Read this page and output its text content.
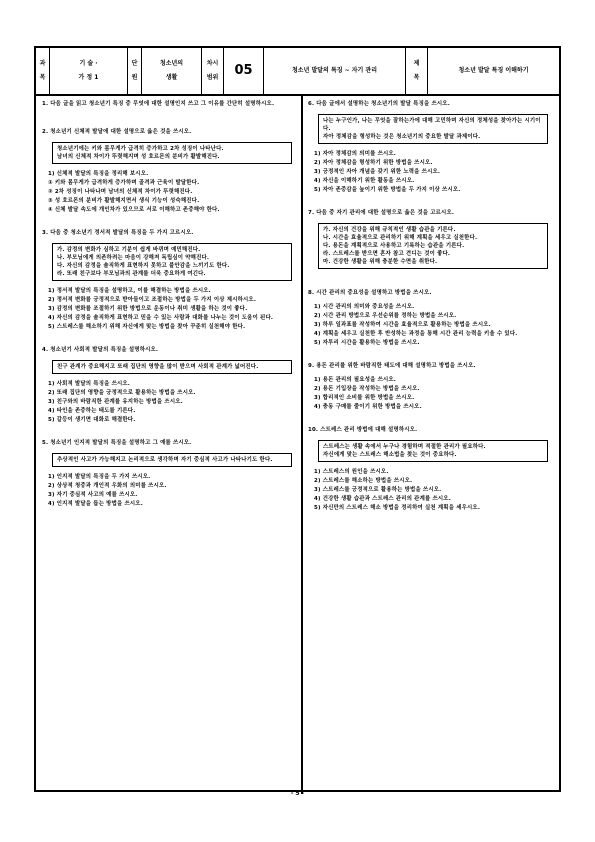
과
목
기 술 ·
가 정 1
단
원
청소년의
생활
차시
범위 05	청소년 발달의 특징 ~ 자기 관리
제
목
청소년 발달 특징 이해하기
1. 다음 글을 읽고 청소년기 특징 중 무엇에 대한 설명인지 쓰고 그 이유를 간단히 설명하시오.
2. 청소년기 신체적 발달에 대한 설명으로 옳은 것을 쓰시오.
청소년기에는 키와 몸무게가 급격히 증가하고 2차 성징이 나타난다.
남녀의 신체적 차이가 뚜렷해지며 성 호르몬의 분비가 활발해진다.
1) 신체적 발달의 특징을 정리해 보시오.
① 키와 몸무게가 급격하게 증가하며 골격과 근육이 발달한다.
② 2차 성징이 나타나며 남녀의 신체적 차이가 뚜렷해진다.
③ 성 호르몬의 분비가 활발해지면서 생식 기능이 성숙해진다.
④ 신체 발달 속도에 개인차가 있으므로 서로 이해하고 존중해야 한다.
3. 다음 중 청소년기 정서적 발달의 특징을 두 가지 고르시오.
가. 감정의 변화가 심하고 기분이 쉽게 바뀌며 예민해진다.
나. 부모님에게 의존하려는 마음이 강해져 독립심이 약해진다.
다. 자신의 감정을 솔직하게 표현하지 못하고 불안감을 느끼기도 한다.
라. 또래 친구보다 부모님과의 관계를 더욱 중요하게 여긴다.
1) 정서적 발달의 특징을 설명하고, 이를 해결하는 방법을 쓰시오.
2) 정서적 변화를 긍정적으로 받아들이고 조절하는 방법을 두 가지 이상 제시하시오.
3) 감정의 변화를 조절하기 위한 방법으로 운동이나 취미 생활을 하는 것이 좋다.
4) 자신의 감정을 솔직하게 표현하고 믿을 수 있는 사람과 대화를 나누는 것이 도움이 된다.
5) 스트레스를 해소하기 위해 자신에게 맞는 방법을 찾아 꾸준히 실천해야 한다.
4. 청소년기 사회적 발달의 특징을 설명하시오.
친구 관계가 중요해지고 또래 집단의 영향을 많이 받으며 사회적 관계가 넓어진다.
1) 사회적 발달의 특징을 쓰시오.
2) 또래 집단의 영향을 긍정적으로 활용하는 방법을 쓰시오.
3) 친구와의 바람직한 관계를 유지하는 방법을 쓰시오.
4) 타인을 존중하는 태도를 기른다.
5) 갈등이 생기면 대화로 해결한다.
5. 청소년기 인지적 발달의 특징을 설명하고 그 예를 쓰시오.
추상적인 사고가 가능해지고 논리적으로 생각하며 자기 중심적 사고가 나타나기도 한다.
1) 인지적 발달의 특징을 두 가지 쓰시오.
2) 상상적 청중과 개인적 우화의 의미를 쓰시오.
3) 자기 중심적 사고의 예를 쓰시오.
4) 인지적 발달을 돕는 방법을 쓰시오.
6. 다음 글에서 설명하는 청소년기의 발달 특징을 쓰시오.
나는 누구인가, 나는 무엇을 잘하는가에 대해 고민하며 자신의 정체성을 찾아가는 시기이다.
자아 정체감을 형성하는 것은 청소년기의 중요한 발달 과제이다.
1) 자아 정체감의 의미를 쓰시오.
2) 자아 정체감을 형성하기 위한 방법을 쓰시오.
3) 긍정적인 자아 개념을 갖기 위한 노력을 쓰시오.
4) 자신을 이해하기 위한 활동을 쓰시오.
5) 자아 존중감을 높이기 위한 방법을 두 가지 이상 쓰시오.
7. 다음 중 자기 관리에 대한 설명으로 옳은 것을 고르시오.
가. 자신의 건강을 위해 규칙적인 생활 습관을 기른다.
나. 시간을 효율적으로 관리하기 위해 계획을 세우고 실천한다.
다. 용돈을 계획적으로 사용하고 기록하는 습관을 기른다.
라. 스트레스를 받으면 혼자 참고 견디는 것이 좋다.
마. 건강한 생활을 위해 충분한 수면을 취한다.
8. 시간 관리의 중요성을 설명하고 방법을 쓰시오.
1) 시간 관리의 의미와 중요성을 쓰시오.
2) 시간 관리 방법으로 우선순위를 정하는 방법을 쓰시오.
3) 하루 일과표를 작성하여 시간을 효율적으로 활용하는 방법을 쓰시오.
4) 계획을 세우고 실천한 후 반성하는 과정을 통해 시간 관리 능력을 키울 수 있다.
5) 자투리 시간을 활용하는 방법을 쓰시오.
9. 용돈 관리를 위한 바람직한 태도에 대해 설명하고 방법을 쓰시오.
1) 용돈 관리의 필요성을 쓰시오.
2) 용돈 기입장을 작성하는 방법을 쓰시오.
3) 합리적인 소비를 위한 방법을 쓰시오.
4) 충동 구매를 줄이기 위한 방법을 쓰시오.
10. 스트레스 관리 방법에 대해 설명하시오.
스트레스는 생활 속에서 누구나 경험하며 적절한 관리가 필요하다.
자신에게 맞는 스트레스 해소법을 찾는 것이 중요하다.
1) 스트레스의 원인을 쓰시오.
2) 스트레스를 해소하는 방법을 쓰시오.
3) 스트레스를 긍정적으로 활용하는 방법을 쓰시오.
4) 건강한 생활 습관과 스트레스 관리의 관계를 쓰시오.
5) 자신만의 스트레스 해소 방법을 정리하여 실천 계획을 세우시오.
- 5 -
